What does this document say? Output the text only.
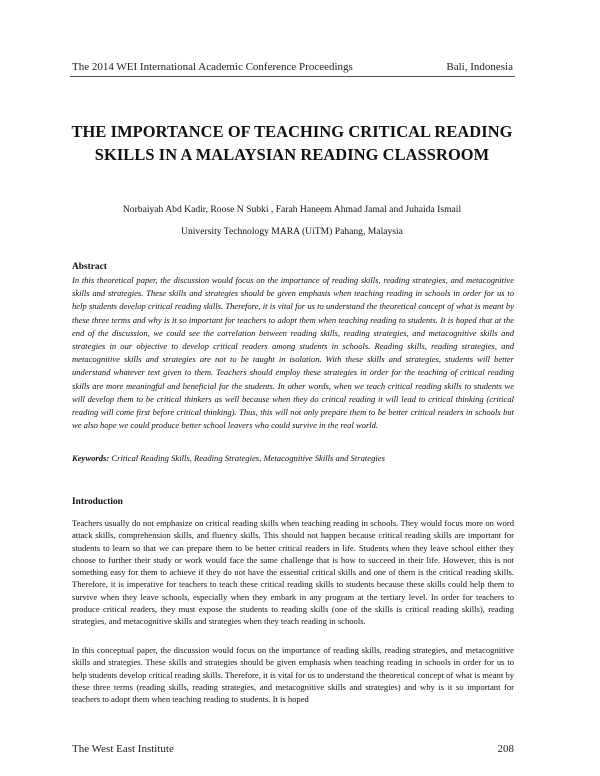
The 2014 WEI International Academic Conference Proceedings	Bali, Indonesia
THE IMPORTANCE OF TEACHING CRITICAL READING SKILLS IN A MALAYSIAN READING CLASSROOM
Norbaiyah Abd Kadir, Roose N Subki , Farah Haneem Ahmad Jamal and Juhaida Ismail
University Technology MARA (UiTM) Pahang, Malaysia
Abstract
In this theoretical paper, the discussion would focus on the importance of reading skills, reading strategies, and metacognitive skills and strategies. These skills and strategies should be given emphasis when teaching reading in schools in order for us to help students develop critical reading skills. Therefore, it is vital for us to understand the theoretical concept of what is meant by these three terms and why is it so important for teachers to adopt them when teaching reading to students. It is hoped that at the end of the discussion, we could see the correlation between reading skills, reading strategies, and metacognitive skills and strategies in our objective to develop critical readers among students in schools. Reading skills, reading strategies, and metacognitive skills and strategies are not to be taught in isolation. With these skills and strategies, students will better understand whatever text given to them. Teachers should employ these strategies in order for the teaching of critical reading skills are more meaningful and beneficial for the students. In other words, when we teach critical reading skills to students we will develop them to be critical thinkers as well because when they do critical reading it will lead to critical thinking (critical reading will come first before critical thinking). Thus, this will not only prepare them to be better critical readers in schools but we also hope we could produce better school leavers who could survive in the real world.
Keywords: Critical Reading Skills, Reading Strategies, Metacognitive Skills and Strategies
Introduction
Teachers usually do not emphasize on critical reading skills when teaching reading in schools. They would focus more on word attack skills, comprehension skills, and fluency skills. This should not happen because critical reading skills are important for students to learn so that we can prepare them to be better critical readers in life. Students when they leave school either they choose to further their study or work would face the same challenge that is how to succeed in their life. However, this is not something easy for them to achieve if they do not have the essential critical skills and one of them is the critical reading skills. Therefore, it is imperative for teachers to teach these critical reading skills to students because these skills could help them to survive when they leave schools, especially when they embark in any program at the tertiary level. In order for teachers to produce critical readers, they must expose the students to reading skills (one of the skills is critical reading skills), reading strategies, and metacognitive skills and strategies when they teach reading in schools.
In this conceptual paper, the discussion would focus on the importance of reading skills, reading strategies, and metacognitive skills and strategies. These skills and strategies should be given emphasis when teaching reading in schools in order for us to help students develop critical reading skills. Therefore, it is vital for us to understand the theoretical concept of what is meant by these three terms (reading skills, reading strategies, and metacognitive skills and strategies) and why is it so important for teachers to adopt them when teaching reading to students. It is hoped
The West East Institute	208
